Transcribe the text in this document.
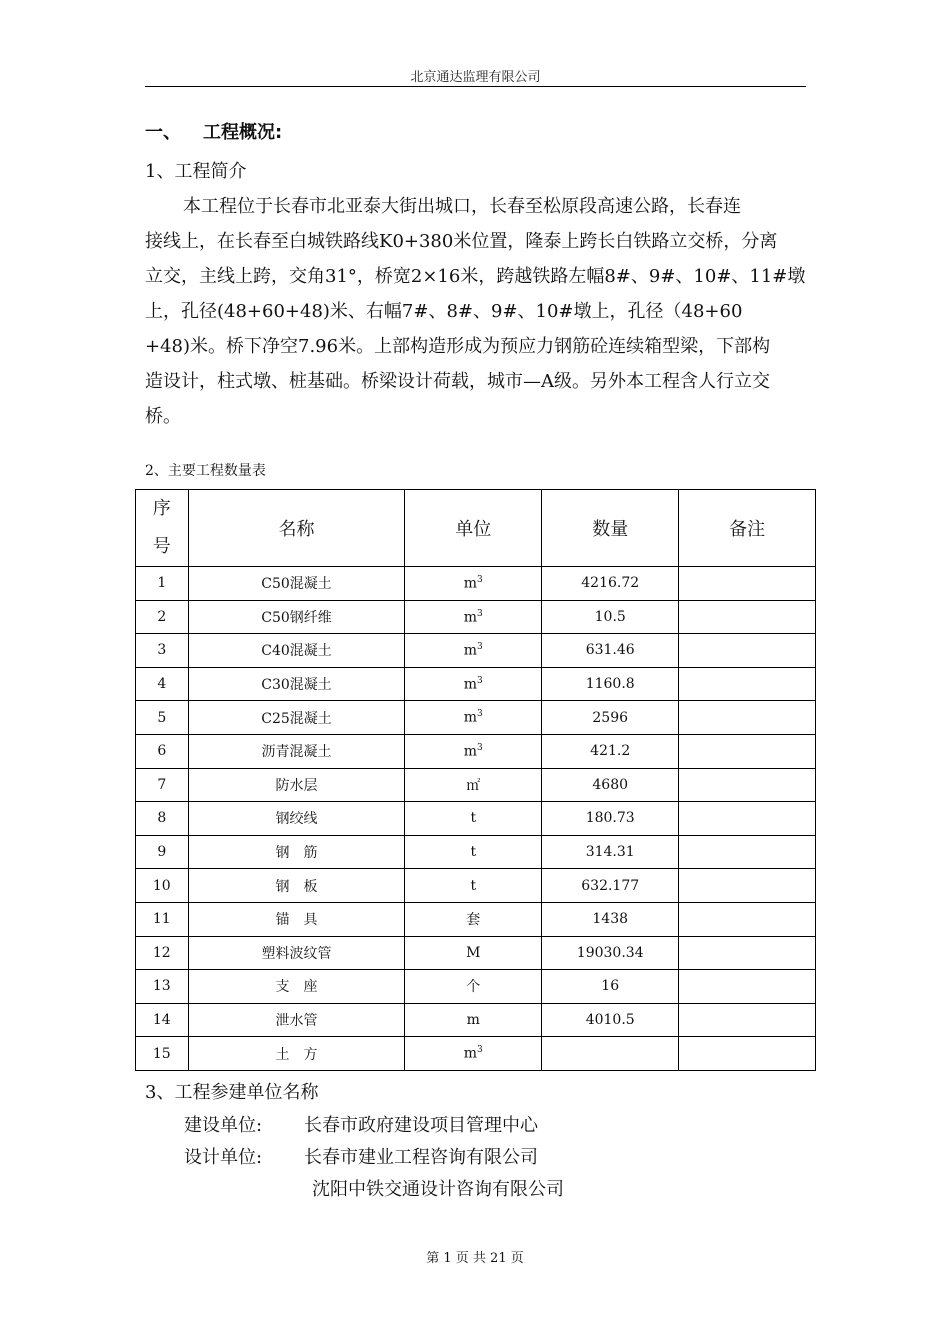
北京通达监理有限公司
一、 工程概况:
1、工程简介
本工程位于长春市北亚泰大街出城口，长春至松原段高速公路，长春连
接线上，在长春至白城铁路线K0+380米位置，隆泰上跨长白铁路立交桥，分离
立交，主线上跨，交角31°，桥宽2×16米，跨越铁路左幅8#、9#、10#、11#墩
上，孔径(48+60+48)米、右幅7#、8#、9#、10#墩上，孔径（48+60
+48)米。桥下净空7.96米。上部构造形成为预应力钢筋砼连续箱型梁，下部构
造设计，柱式墩、桩基础。桥梁设计荷载，城市—A级。另外本工程含人行立交
桥。
2、主要工程数量表
序
号	名称	单位	数量	备注
1	C50混凝土	$m^3$	4216.72	
2	C50钢纤维	$m^3$	10.5	
3	C40混凝土	$m^3$	631.46	
4	C30混凝土	$m^3$	1160.8	
5	C25混凝土	$m^3$	2596	
6	沥青混凝土	$m^3$	421.2	
7	防水层	㎡	4680	
8	钢绞线	t	180.73	
9	钢　筋	t	314.31	
10	钢　板	t	632.177	
11	锚　具	套	1438	
12	塑料波纹管	M	19030.34	
13	支　座	个	16	
14	泄水管	m	4010.5	
15	土　方	$m^3$		
3、工程参建单位名称
建设单位: 长春市政府建设项目管理中心
设计单位: 长春市建业工程咨询有限公司
沈阳中铁交通设计咨询有限公司
第 1 页 共 21 页
